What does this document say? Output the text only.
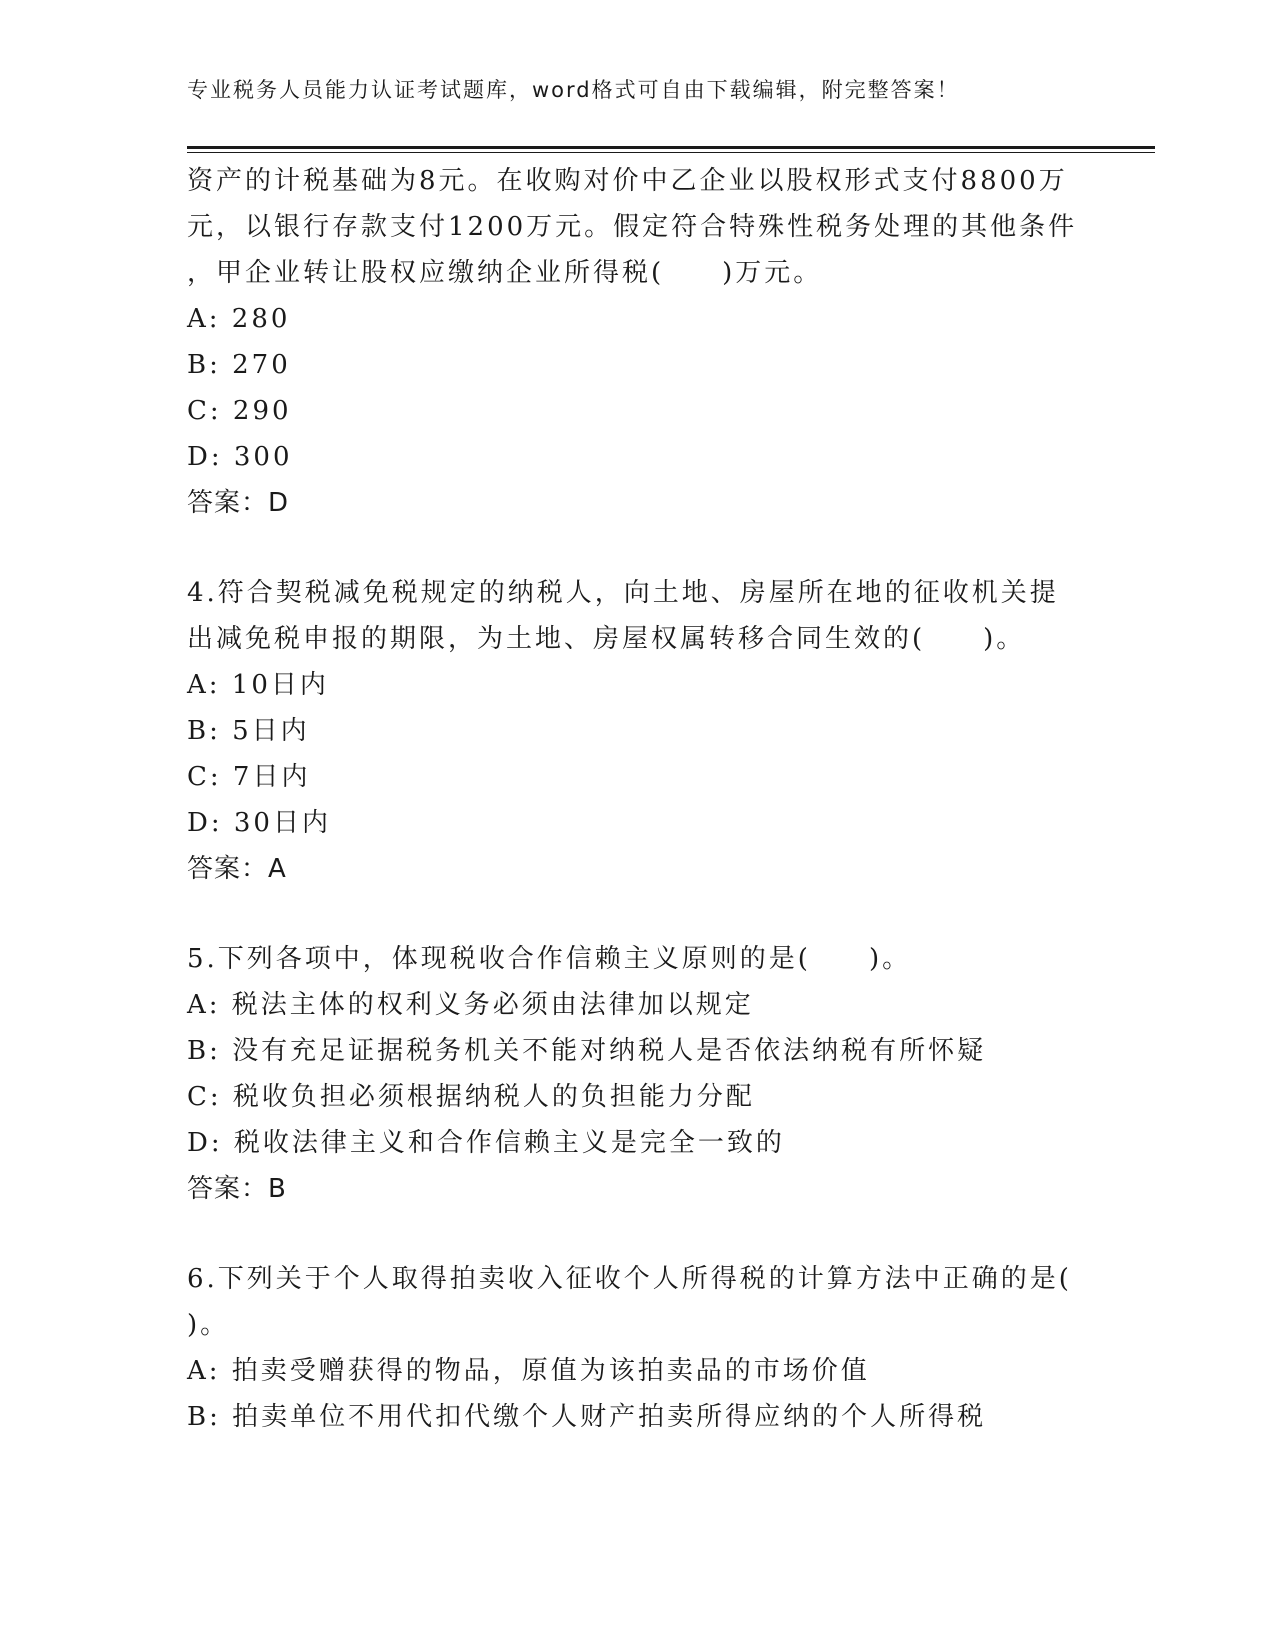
专业税务人员能力认证考试题库，word格式可自由下载编辑，附完整答案！
资产的计税基础为8元。在收购对价中乙企业以股权形式支付8800万
元，以银行存款支付1200万元。假定符合特殊性税务处理的其他条件
，甲企业转让股权应缴纳企业所得税(　　)万元。
A: 280
B: 270
C: 290
D: 300
答案：D
4.符合契税减免税规定的纳税人，向土地、房屋所在地的征收机关提
出减免税申报的期限，为土地、房屋权属转移合同生效的(　　)。
A: 10日内
B: 5日内
C: 7日内
D: 30日内
答案：A
5.下列各项中，体现税收合作信赖主义原则的是(　　)。
A: 税法主体的权利义务必须由法律加以规定
B: 没有充足证据税务机关不能对纳税人是否依法纳税有所怀疑
C: 税收负担必须根据纳税人的负担能力分配
D: 税收法律主义和合作信赖主义是完全一致的
答案：B
6.下列关于个人取得拍卖收入征收个人所得税的计算方法中正确的是(
)。
A: 拍卖受赠获得的物品，原值为该拍卖品的市场价值
B: 拍卖单位不用代扣代缴个人财产拍卖所得应纳的个人所得税
